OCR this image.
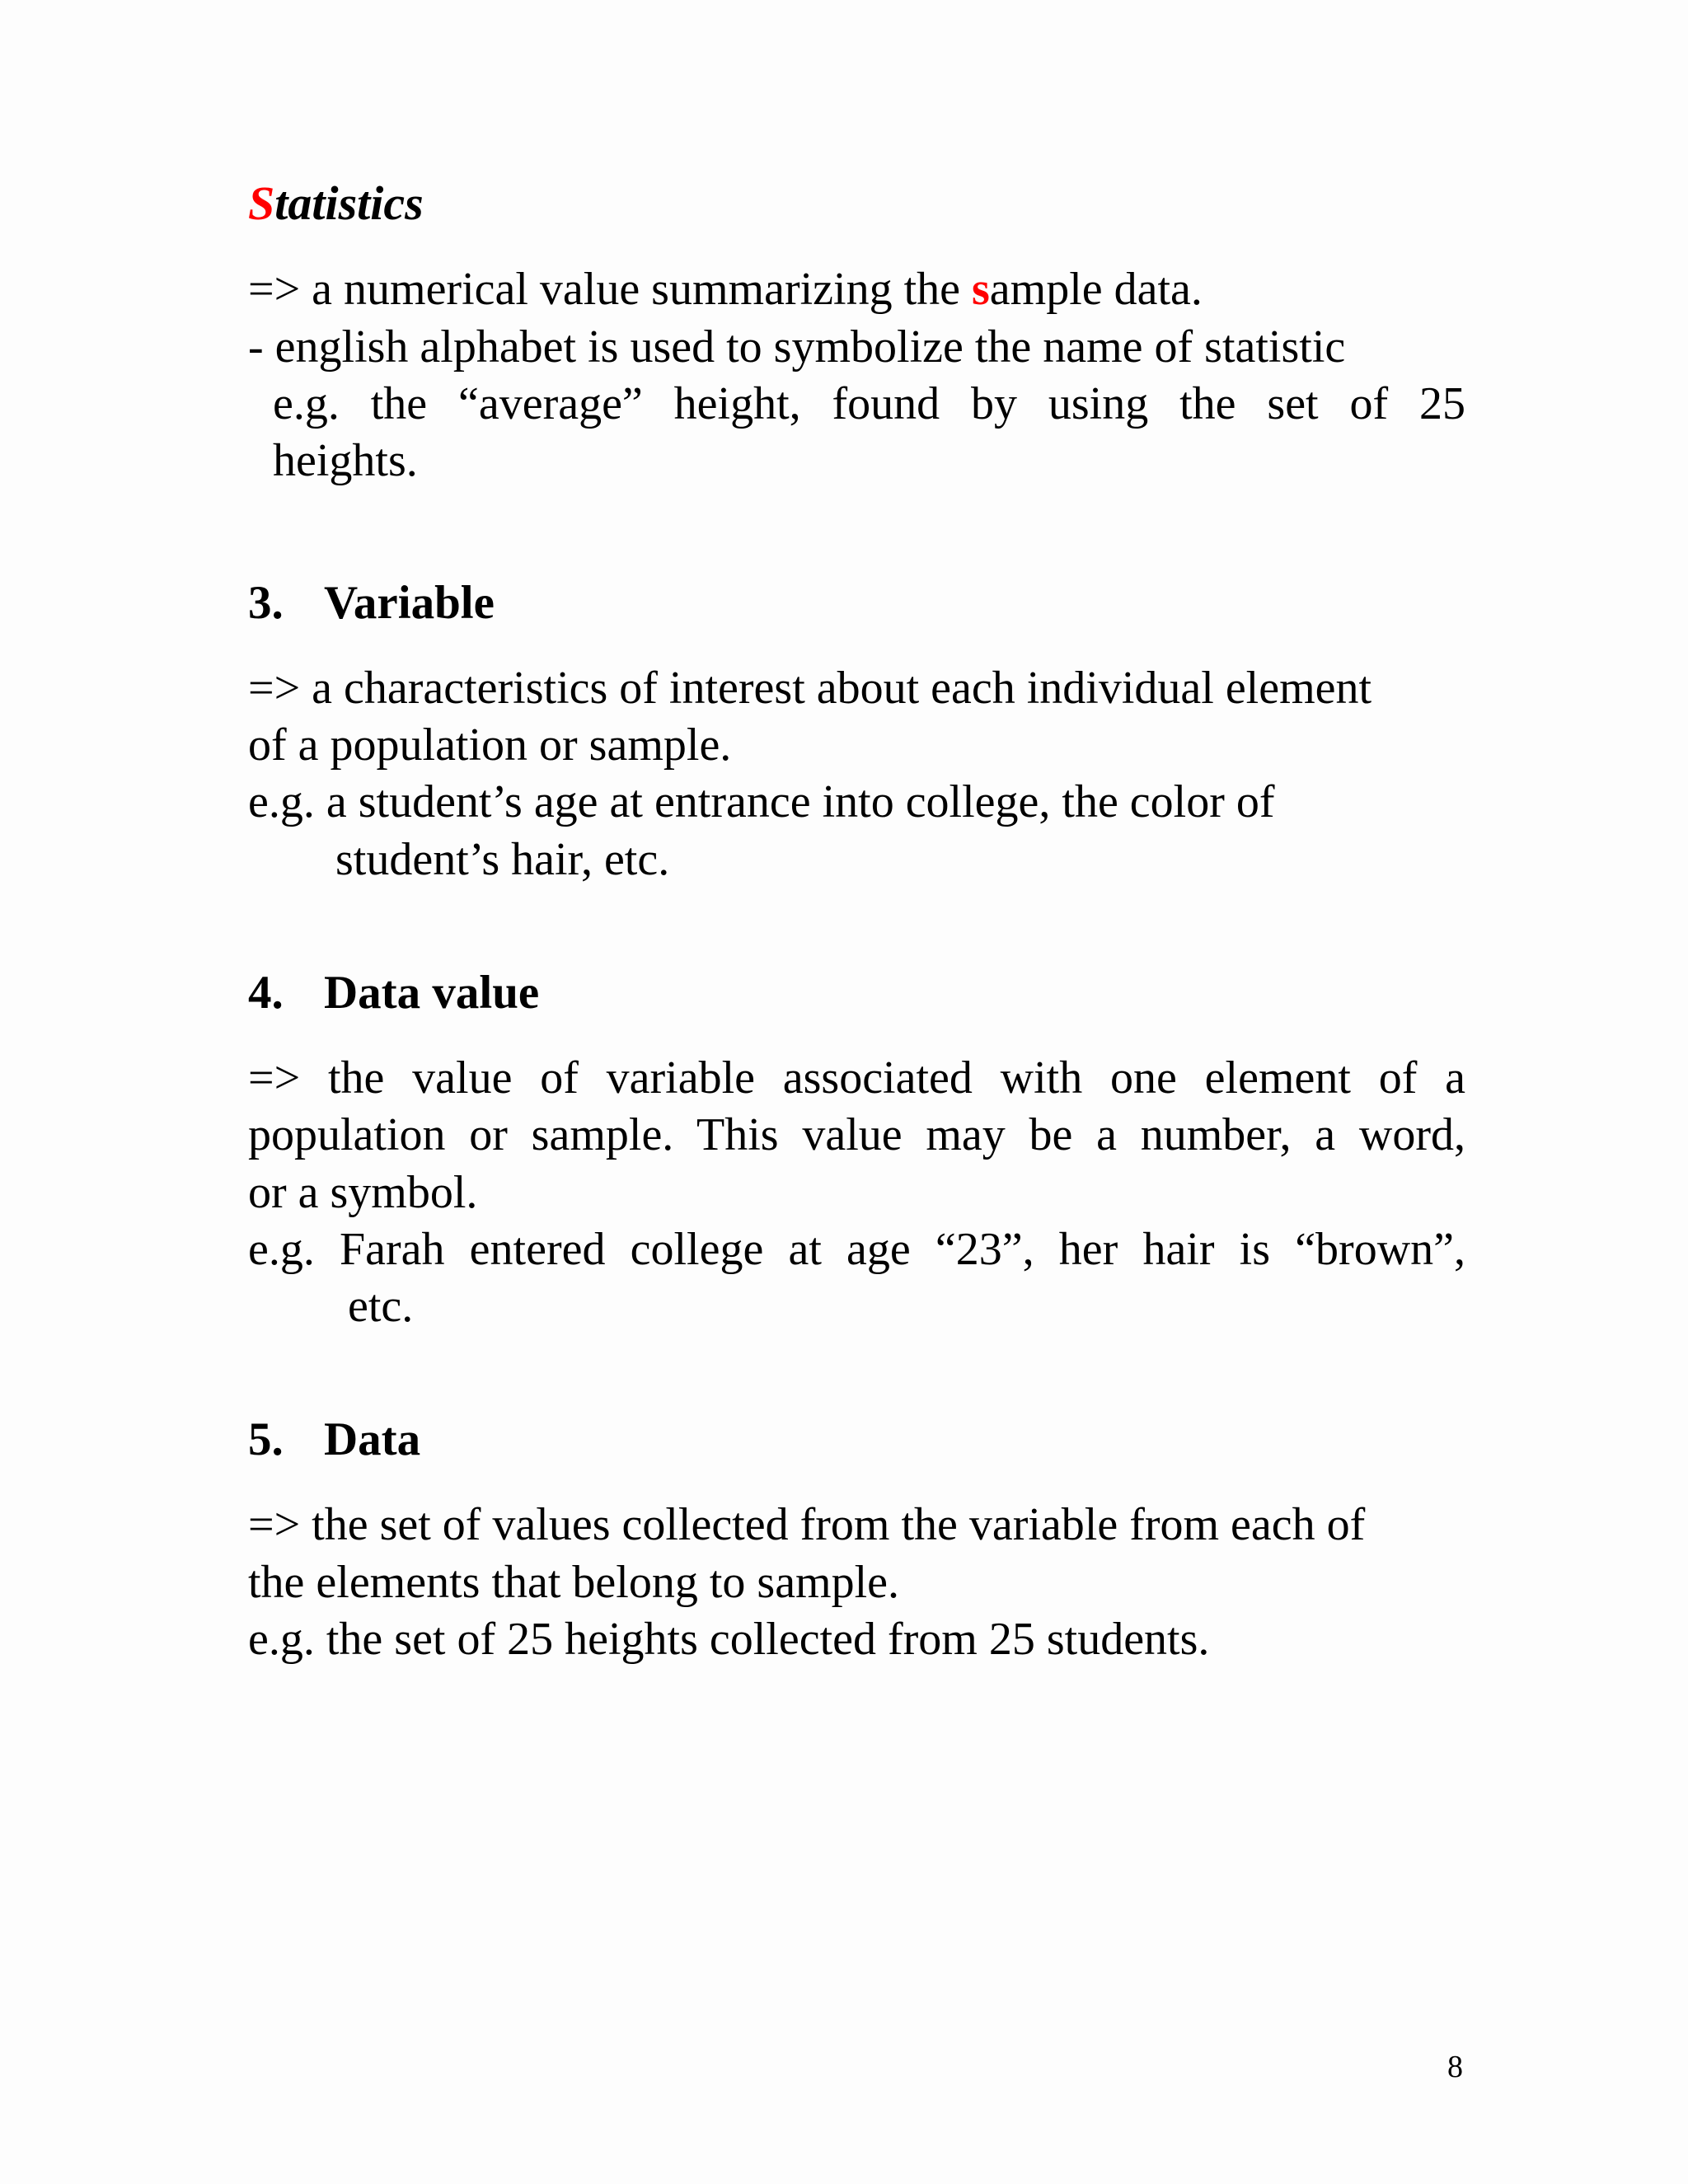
Statistics
=> a numerical value summarizing the sample data.
- english alphabet is used to symbolize the name of statistic
e.g. the “average” height, found by using the set of 25
heights.
3. Variable
=> a characteristics of interest about each individual element
of a population or sample.
e.g. a student’s age at entrance into college, the color of
student’s hair, etc.
4. Data value
=> the value of variable associated with one element of a
population or sample. This value may be a number, a word,
or a symbol.
e.g. Farah entered college at age “23”, her hair is “brown”,
etc.
5. Data
=> the set of values collected from the variable from each of
the elements that belong to sample.
e.g. the set of 25 heights collected from 25 students.
8
